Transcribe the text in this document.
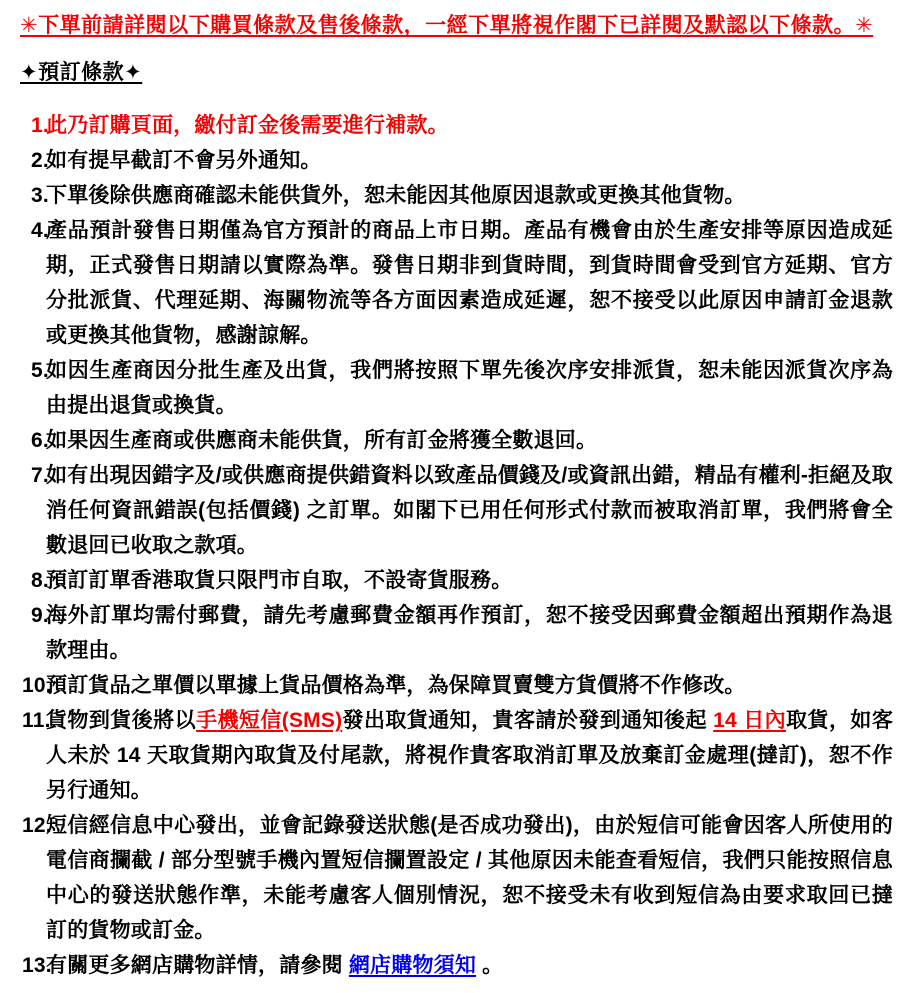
✳下單前請詳閱以下購買條款及售後條款，一經下單將視作閣下已詳閱及默認以下條款。✳
✦預訂條款✦
1.
此乃訂購頁面，繳付訂金後需要進行補款。
2.
如有提早截訂不會另外通知。
3.
下單後除供應商確認未能供貨外，恕未能因其他原因退款或更換其他貨物。
4.
產品預計發售日期僅為官方預計的商品上市日期。產品有機會由於生產安排等原因造成延期，正式發售日期請以實際為準。發售日期非到貨時間，到貨時間會受到官方延期、官方分批派貨、代理延期、海關物流等各方面因素造成延遲，恕不接受以此原因申請訂金退款或更換其他貨物，感謝諒解。
5.
如因生產商因分批生產及出貨，我們將按照下單先後次序安排派貨，恕未能因派貨次序為由提出退貨或換貨。
6.
如果因生產商或供應商未能供貨，所有訂金將獲全數退回。
7.
如有出現因錯字及/或供應商提供錯資料以致產品價錢及/或資訊出錯，精品有權利-拒絕及取消任何資訊錯誤(包括價錢) 之訂單。如閣下已用任何形式付款而被取消訂單，我們將會全數退回已收取之款項。
8.
預訂訂單香港取貨只限門市自取，不設寄貨服務。
9.
海外訂單均需付郵費，請先考慮郵費金額再作預訂，恕不接受因郵費金額超出預期作為退款理由。
10.
預訂貨品之單價以單據上貨品價格為準，為保障買賣雙方貨價將不作修改。
11.
貨物到貨後將以手機短信(SMS)發出取貨通知，貴客請於發到通知後起 14 日內取貨，如客人未於 14 天取貨期內取貨及付尾款，將視作貴客取消訂單及放棄訂金處理(撻訂)，恕不作另行通知。
12.
短信經信息中心發出，並會記錄發送狀態(是否成功發出)，由於短信可能會因客人所使用的電信商攔截 / 部分型號手機內置短信攔置設定 / 其他原因未能查看短信，我們只能按照信息中心的發送狀態作準，未能考慮客人個別情況，恕不接受未有收到短信為由要求取回已撻訂的貨物或訂金。
13.
有關更多網店購物詳情，請參閱 網店購物須知 。
